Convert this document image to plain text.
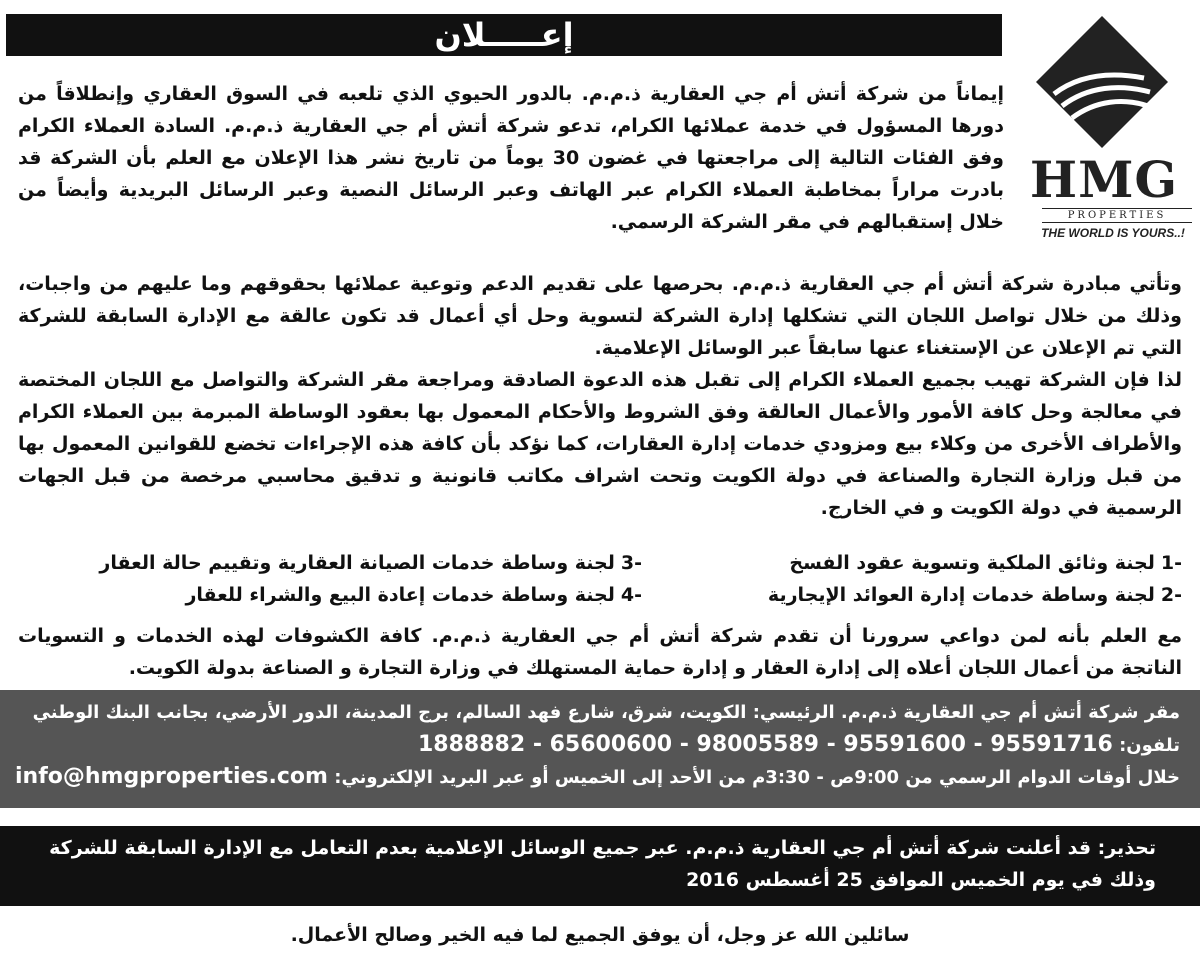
إعـــــلان
HMG
PROPERTIES
THE WORLD IS YOURS..!

إيماناً من شركة أتش أم جي العقارية ذ.م.م. بالدور الحيوي الذي تلعبه في السوق العقاري وإنطلاقاً من دورها المسؤول في خدمة عملائها الكرام، تدعو شركة أتش أم جي العقارية ذ.م.م. السادة العملاء الكرام وفق الفئات التالية إلى مراجعتها في غضون 30 يوماً من تاريخ نشر هذا الإعلان مع العلم بأن الشركة قد بادرت مراراً بمخاطبة العملاء الكرام عبر الهاتف وعبر الرسائل النصية وعبر الرسائل البريدية وأيضاً من خلال إستقبالهم في مقر الشركة الرسمي.

وتأتي مبادرة شركة أتش أم جي العقارية ذ.م.م. بحرصها على تقديم الدعم وتوعية عملائها بحقوقهم وما عليهم من واجبات، وذلك من خلال تواصل اللجان التي تشكلها إدارة الشركة لتسوية وحل أي أعمال قد تكون عالقة مع الإدارة السابقة للشركة التي تم الإعلان عن الإستغناء عنها سابقاً عبر الوسائل الإعلامية.

لذا فإن الشركة تهيب بجميع العملاء الكرام إلى تقبل هذه الدعوة الصادقة ومراجعة مقر الشركة والتواصل مع اللجان المختصة في معالجة وحل كافة الأمور والأعمال العالقة وفق الشروط والأحكام المعمول بها بعقود الوساطة المبرمة بين العملاء الكرام والأطراف الأخرى من وكلاء بيع ومزودي خدمات إدارة العقارات، كما نؤكد بأن كافة هذه الإجراءات تخضع للقوانين المعمول بها من قبل وزارة التجارة والصناعة في دولة الكويت وتحت اشراف مكاتب قانونية و تدقيق محاسبي مرخصة من قبل الجهات الرسمية في دولة الكويت و في الخارج.

-1لجنة وثائق الملكية وتسوية عقود الفسخ
-2لجنة وساطة خدمات إدارة العوائد الإيجارية
-3لجنة وساطة خدمات الصيانة العقارية وتقييم حالة العقار
-4لجنة وساطة خدمات إعادة البيع والشراء للعقار

مع العلم بأنه لمن دواعي سرورنا أن تقدم شركة أتش أم جي العقارية ذ.م.م. كافة الكشوفات لهذه الخدمات و التسويات الناتجة من أعمال اللجان أعلاه إلى إدارة العقار و إدارة حماية المستهلك في وزارة التجارة و الصناعة بدولة الكويت.

مقر شركة أتش أم جي العقارية ذ.م.م. الرئيسي: الكويت، شرق، شارع فهد السالم، برج المدينة، الدور الأرضي، بجانب البنك الوطني
تلفون: 1888882 - 65600600 - 98005589 - 95591600 - 95591716
خلال أوقات الدوام الرسمي من 9:00ص - 3:30م من الأحد إلى الخميس أو عبر البريد الإلكتروني: info@hmgproperties.com
تحذير: قد أعلنت شركة أتش أم جي العقارية ذ.م.م. عبر جميع الوسائل الإعلامية بعدم التعامل مع الإدارة السابقة للشركة وذلك في يوم الخميس الموافق 25 أغسطس 2016
سائلين الله عز وجل، أن يوفق الجميع لما فيه الخير وصالح الأعمال.
